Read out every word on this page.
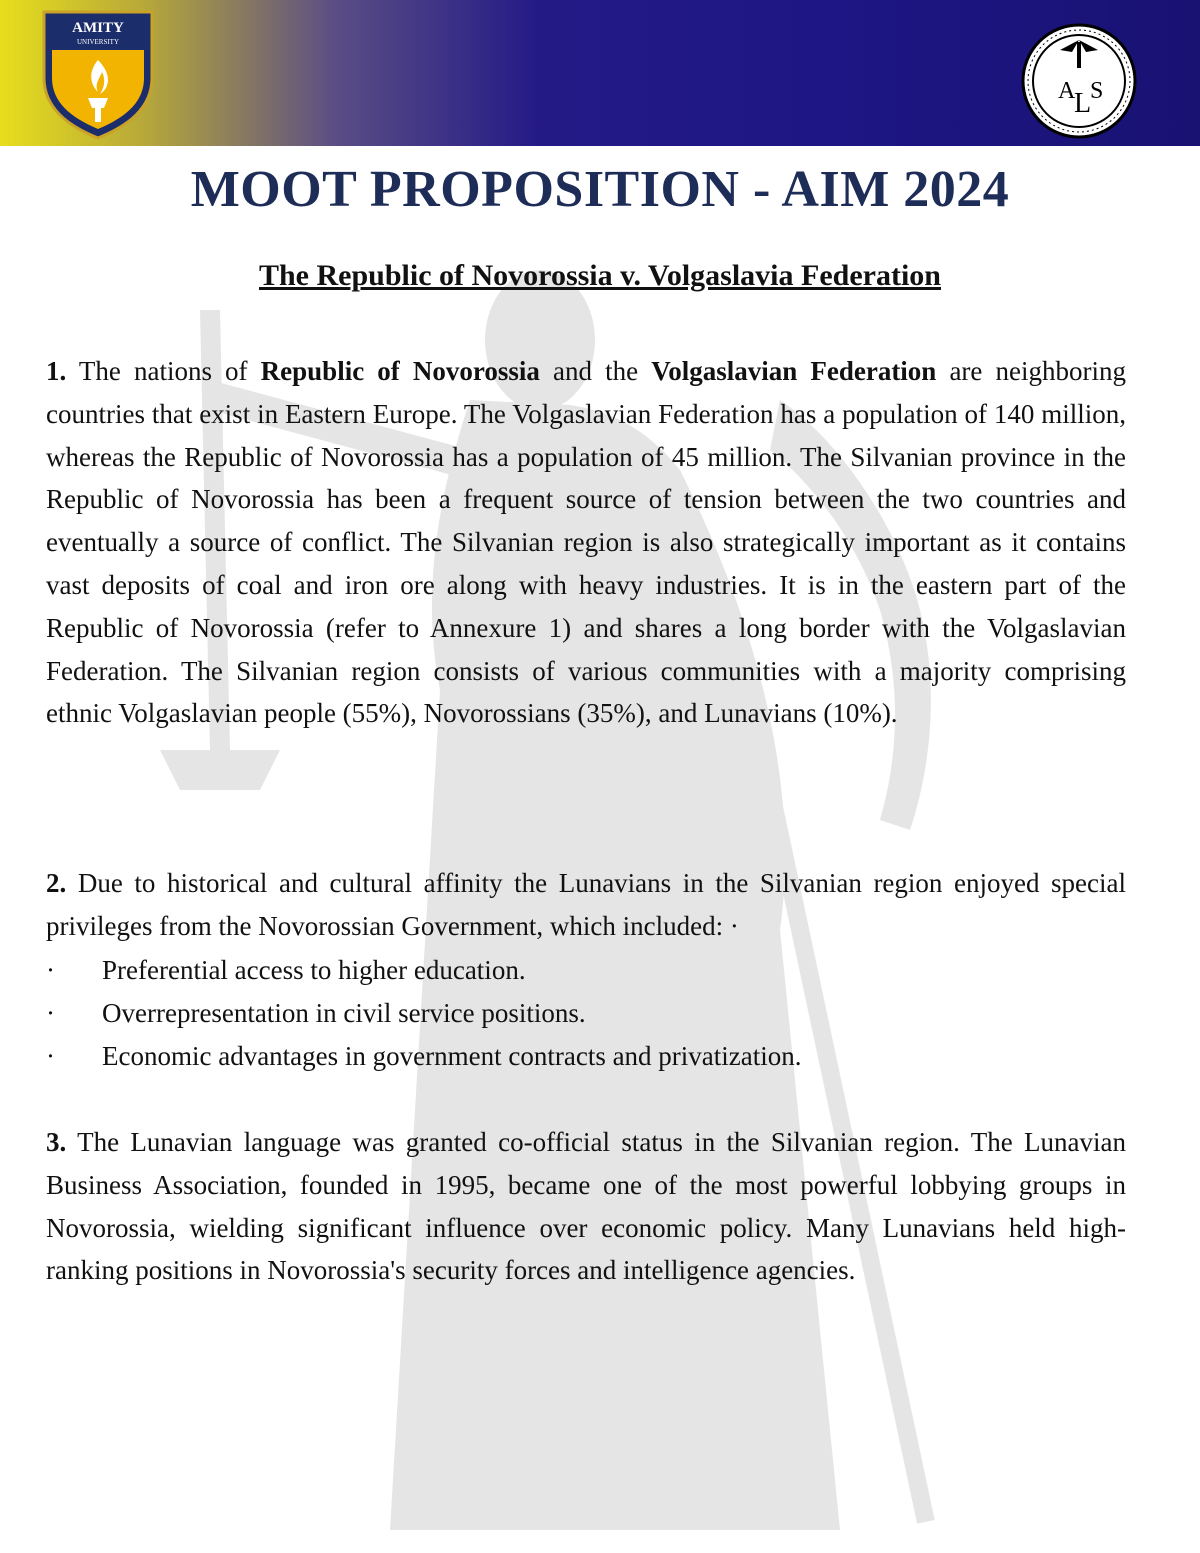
AMITY
UNIVERSITY
A
L
S
MOOT PROPOSITION - AIM 2024
The Republic of Novorossia v. Volgaslavia Federation

1. The nations of Republic of Novorossia and the Volgaslavian Federation are neighboring countries that exist in Eastern Europe. The Volgaslavian Federation has a population of 140 million, whereas the Republic of Novorossia has a population of 45 million. The Silvanian province in the Republic of Novorossia has been a frequent source of tension between the two countries and eventually a source of conflict. The Silvanian region is also strategically important as it contains vast deposits of coal and iron ore along with heavy industries. It is in the eastern part of the Republic of Novorossia (refer to Annexure 1) and shares a long border with the Volgaslavian Federation. The Silvanian region consists of various communities with a majority comprising ethnic Volgaslavian people (55%), Novorossians (35%), and Lunavians (10%).

2. Due to historical and cultural affinity the Lunavians in the Silvanian region enjoyed special privileges from the Novorossian Government, which included: ·

· Preferential access to higher education.
· Overrepresentation in civil service positions.
· Economic advantages in government contracts and privatization.

3. The Lunavian language was granted co-official status in the Silvanian region. The Lunavian Business Association, founded in 1995, became one of the most powerful lobbying groups in Novorossia, wielding significant influence over economic policy. Many Lunavians held high-ranking positions in Novorossia's security forces and intelligence agencies.
